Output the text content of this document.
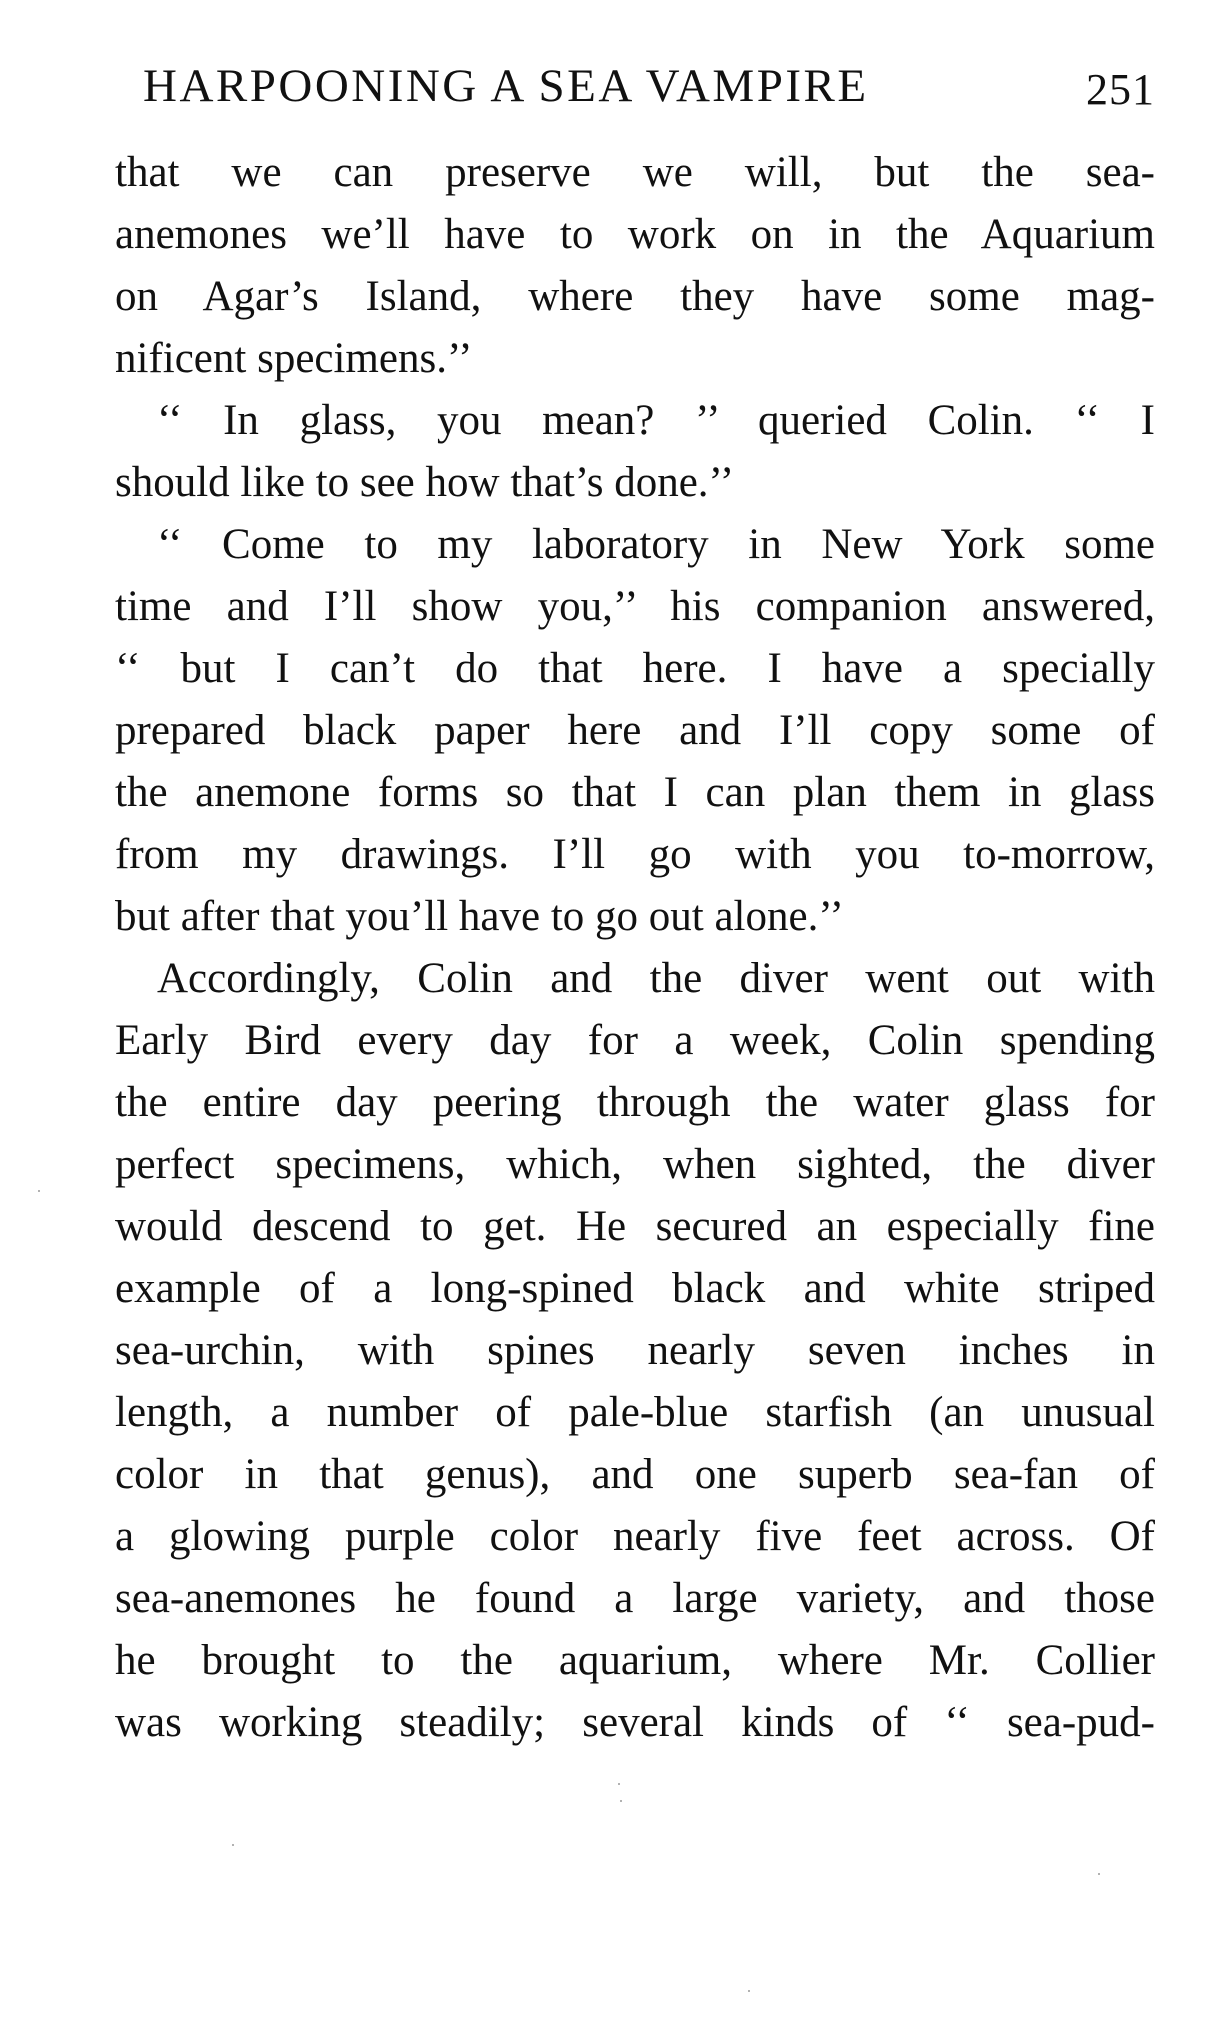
HARPOONING A SEA VAMPIRE	251
that we can preserve we will, but the sea-
anemones we’ll have to work on in the Aquarium
on Agar’s Island, where they have some mag-
nificent specimens.’’
‘‘ In glass, you mean? ’’ queried Colin. ‘‘ I
should like to see how that’s done.’’
‘‘ Come to my laboratory in New York some
time and I’ll show you,’’ his companion answered,
‘‘ but I can’t do that here. I have a specially
prepared black paper here and I’ll copy some of
the anemone forms so that I can plan them in glass
from my drawings. I’ll go with you to-morrow,
but after that you’ll have to go out alone.’’
Accordingly, Colin and the diver went out with
Early Bird every day for a week, Colin spending
the entire day peering through the water glass for
perfect specimens, which, when sighted, the diver
would descend to get. He secured an especially fine
example of a long-spined black and white striped
sea-urchin, with spines nearly seven inches in
length, a number of pale-blue starfish (an unusual
color in that genus), and one superb sea-fan of
a glowing purple color nearly five feet across. Of
sea-anemones he found a large variety, and those
he brought to the aquarium, where Mr. Collier
was working steadily; several kinds of ‘‘ sea-pud-
